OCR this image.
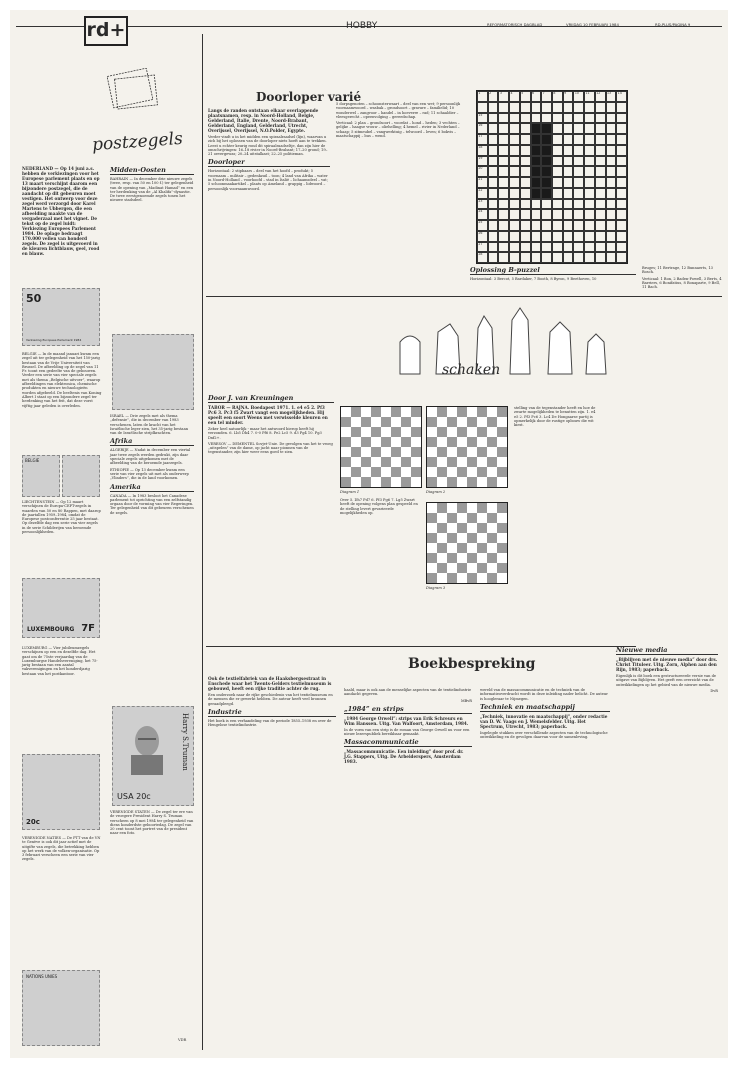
rd+	HOBBY	REFORMATORISCH DAGBLAD	VRIJDAG 10 FEBRUARI 1984	RD-PLUS/PAGINA 9
postzegels

NEDERLAND — Op 14 juni a.s. hebben de verkiezingen voor het Europese parlement plaats en op 13 maart verschijnt daarom een bijzondere postzegel, die de aandacht op dit gebeuren moet vestigen. Het ontwerp voor deze zegel werd verzorgd door Karel Martens te Ubbergen, die een afbeelding maakte van de vergaderzaal met het vignet. De tekst op de zegel luidt: Verkiezing Europees Parlement 1984. De oplage bedraagt 170.000 vellen van honderd zegels. De zegel is uitgevoerd in de kleuren lichtblauw, geel, rood en blauw.

50
Verkiezing Europees Parlement 1984

BELGIE — In de maand januari kwam een zegel uit ter gelegenheid van het 150-jarig bestaan van de Vrije Universiteit van Brussel. De afbeelding op de zegel van 11 Fr. toont een gedeelte van de gebouwen. Verder een serie van vier speciale zegels met als thema „Belgische uitvoer”, waarop afbeeldingen van elektronica, chemische produkten en nieuwe technologieën worden afgebeeld. De beeltenis van Koning Albert I staat op een bijzondere zegel ter herdenking van het feit, dat deze vorst vijftig jaar geleden is overleden.

BELGIE

LIECHTENSTEIN — Op 12 maart verschijnen de Europa-CEPT-zegels in waarden van 50 en 80 Rappen, met daarop de jaartallen 1959–1984, omdat de Europese postconferentie 25 jaar bestaat. Op dezelfde dag een serie van vier zegels in de serie Schilderijen van beroemde persoonlijkheden.

LUXEMBOURG 7F

LUXEMBURG — Vier jubileumzegels verschijnen op een en dezelfde dag. Het gaat om de 75ste verjaardag van de Luxemburgse Handelsvereniging, het 75-jarig bestaan van een aantal vakverenigingen en het honderdjarig bestaan van het postkantoor.

20c

VERENIGDE NATIES — De PTT van de VN te Genève is ook dit jaar actief met de uitgifte van zegels, die betrekking hebben op het werk van de volken-organisatie. Op 3 februari verscheen een serie van vier zegels.

NATIONS UNIES

Midden-Oosten

BAHRAIN — In december drie nieuwe zegels (twee, resp. van 50 en 100 f.) ter gelegenheid van de opening van „Madinat Hamad” en een ter herdenking van de „Al Khalifa”-dynastie. De twee eerstgenoemde zegels tonen het nieuwe stadsdeel.

ISRAEL — Drie zegels met als thema „defensie”, die in december van 1983 verschenen, laten de kracht van het Israëlische leger zien, het 35-jarig bestaan van de Israëlische strijdkrachten.

Afrika

ALGERIJE — Nadat in december een viertal jaar twee zegels werden gedrukt, zijn daar speciale zegels uitgekomen met de afbeelding van de beroemde jaarzegels.

ETHIOPIE — Op 13 december kwam een serie van vier zegels uit met als onderwerp „Vlinders”, die in de land voorkomen.

Amerika

CANADA — In 1983 besloot het Canadese parlement tot oprichting van een zelfstandig orgaan door de vorming van vier Regeringen. Ter gelegenheid van dit gebeuren verschenen de zegels.

Harry S.Truman
USA 20c

VERENIGDE STATEN — De zegel ter ere van de vroegere President Harry S. Truman verscheen op 8 mei 1984 ter gelegenheid van diens honderdste geboortedag. De zegel van 20 cent toont het portret van de president naar een foto.

VDR
Doorloper varié

Langs de randen ontstaan elkaar overlappende plaatsnamen, resp. in Noord-Holland, Belgie, Gelderland, Italie, Drente, Noord-Brabant, Gelderland, England, Gelderland, Utrecht, Overijssel, Overijssel, N.O.Polder, Egypte.

Verder vindt u in het midden een spiraalraadsel (lijn), waarvan u zich bij het oplossen van de doorloper niets hoeft aan te trekken. Leest u echter keurig rond dit spiraalraadseltje, dan zijn hier de omschrijvingen: 16–18 rivier in Noord-Brabant; 17–20 grond; 19–21 oevergewas; 20–24 uitstalkast; 22–25 politieman.

Doorloper

Horizontaal: 2 stipbaars – deel van het hoofd – produkt; 5 voornaam – militair – gedenkzuil – toon; 4 land van Afrika – water in Noord-Holland – voorhoofd – stad in Italië – lichaamsdeel – vat; 5 schoonmaakartikel – plaats op Ameland – grappig – lidwoord – persoonlijk voornaamwoord.

5 dorpsgenoten – schoonsterwaart – deel van een wet; 9 persoonlijk voornaamwoord – wasbak – grondsoort – gravure – familielid; 10 wonderwel – zangvoor – handel – in hoeverre – rad; 11 schaaldier – vleesgerecht – opeenvolging – gereedschap.

Verticaal: 2 plan – grondsoort – voordat – hond – heden; 3 vechten – gelijke – haagse vrouw – oliehelling; 4 hemel – rivier in Nederland – schaap; 5 zitmeubel – vangwerktuig – telwoord – leven; 6 bokvis – maatschappij – bus – wend.

1	2	3	4	5	6	7	8	9	10	11	12	13	14
15
16
17
18
19
20
21
22
23
24
25
26
27
28

Oplossing B-puzzel

Horizontaal: 3 Bercot, 5 Bardaker, 7 Booth, 8 Byron, 9 Beethoven, 10

Bruges; 11 Bertrage, 12 Bunnaerts, 13 Bosch.

Verticaal: 1 Bon, 2 Baden-Powell, 3 Berts, 4 Barriers, 6 Bonifatius, 8 Bonaparte, 9 Bell, 11 Bach.

schaken

Door J. van Kreuningen

TABOR — RAJNA. Boedapest 1971. 1. e4 e5 2. Pf3 Pc6 3. Pc3 f5 Zwart vangt een mogelijkheden. Hij speelt een soort Weens met verwisselde kleuren en een tel minder.

Zeker heel natuurlijk - maar het antwoord hierop heeft hij verzonden. 6. Lb5 Dh4 7. 0-0 Pf6 8. Pe2 Lc5 9. d3 Pg4 10. Pg3 Dxf2+.

VERESOV — DEMENTEL Sovjet-Unie. De gevolgen van het te vroeg „uitspelen” van de dame, op jacht naar pionnen van de tegenstander, zijn hier weer eens goed te zien.

Diagram 1	Diagram 2

Over 5. Dh7 Pd7 6. Pf3 Pg6 7. Lg5 Zwart heeft de opening volgens plan gespeeld en de stelling levert gevarieerde mogelijkheden op.

Diagram 3

stelling van de tegenstander heeft en hoe de zwarte mogelijkheden te benutten zijn. 1. e4 e5 2. Pf3 Pc6 3. Lc4 De Hongaarse partij is opmerkelijk door de rustige opbouw die wit kiest.

Boekbespreking

Ook de textielfabriek van de Haaksbergsestraat in Enschede waar het Twents-Gelders textielmuseum is gebouwd, heeft een rijke traditie achter de rug.

Een onderzoek naar de rijke geschiedenis van het textielmuseum en de mensen die er gewerkt hebben. De auteur heeft veel bronnen geraadpleegd.

Industrie

Het boek is een verhandeling van de periode 1855–1938 en over de Hengelose textielindustrie.

haald, maar is ook aan de menselijke aspecten van de textielindustrie aandacht gegeven.

MBvR

„1984” en strips

„1984 George Orwell”: strips van Erik Schreurs en Wim Hanssen. Uitg. Van Walfoort, Amsterdam, 1984.

In de vorm van een strip is de roman van George Orwell nu voor een nieuw lezerspubliek bereikbaar gemaakt.

Massacommunicatie

„Massacommunicatie. Een inleiding” door prof. dr. J.G. Stappers, Uitg. De Arbeiderspers, Amsterdam 1983.

wereld van de massacommunicatie en de techniek van de informatieoverdracht wordt in deze inleiding nader belicht. De auteur is hoogleraar te Nijmegen.

Techniek en maatschappij

„Techniek, innovatie en maatschappij”, onder redactie van D. W. Vaags en J. Wemelsfelder. Uitg. Het Spectrum, Utrecht, 1983; paperback.

Ingelegde stukken over verschillende aspecten van de technologische ontwikkeling en de gevolgen daarvan voor de samenleving.

Nieuwe media

„Bijblijven met de nieuwe media” door drs. Christ Tituleer. Uitg. Zorn, Alphen aan den Rijn, 1983; paperback.

Eigenlijk is dit boek een gestructureerde versie van de uitgave van Bijblijven. Het geeft een overzicht van de ontwikkelingen op het gebied van de nieuwe media.

DvR
